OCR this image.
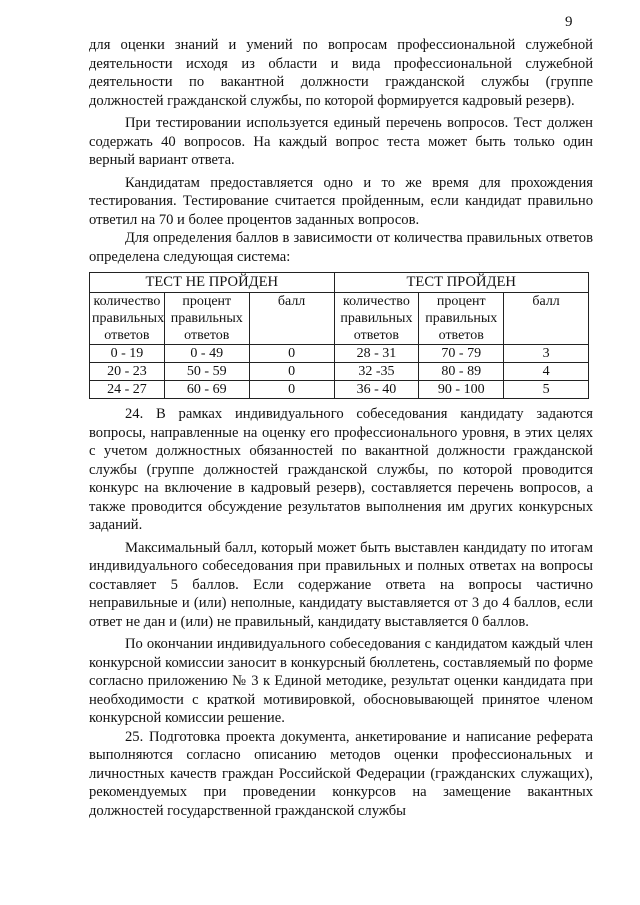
9

для оценки знаний и умений по вопросам профессиональной служебной деятельности исходя из области и вида профессиональной служебной деятельности по вакантной должности гражданской службы (группе должностей гражданской службы, по которой формируется кадровый резерв).

При тестировании используется единый перечень вопросов. Тест должен содержать 40 вопросов. На каждый вопрос теста может быть только один верный вариант ответа.

Кандидатам предоставляется одно и то же время для прохождения тестирования. Тестирование считается пройденным, если кандидат правильно ответил на 70 и более процентов заданных вопросов.

Для определения баллов в зависимости от количества правильных ответов определена следующая система:

ТЕСТ НЕ ПРОЙДЕН			ТЕСТ ПРОЙДЕН		
количество правильных ответов	процент правильных ответов	балл	количество правильных ответов	процент правильных ответов	балл
0 - 19	0 - 49	0	28 - 31	70 - 79	3
20 - 23	50 - 59	0	32 -35	80 - 89	4
24 - 27	60 - 69	0	36 - 40	90 - 100	5

24. В рамках индивидуального собеседования кандидату задаются вопросы, направленные на оценку его профессионального уровня, в этих целях с учетом должностных обязанностей по вакантной должности гражданской службы (группе должностей гражданской службы, по которой проводится конкурс на включение в кадровый резерв), составляется перечень вопросов, а также проводится обсуждение результатов выполнения им других конкурсных заданий.

Максимальный балл, который может быть выставлен кандидату по итогам индивидуального собеседования при правильных и полных ответах на вопросы составляет 5 баллов. Если содержание ответа на вопросы частично неправильные и (или) неполные, кандидату выставляется от 3 до 4 баллов, если ответ не дан и (или) не правильный, кандидату выставляется 0 баллов.

По окончании индивидуального собеседования с кандидатом каждый член конкурсной комиссии заносит в конкурсный бюллетень, составляемый по форме согласно приложению № 3 к Единой методике, результат оценки кандидата при необходимости с краткой мотивировкой, обосновывающей принятое членом конкурсной комиссии решение.

25. Подготовка проекта документа, анкетирование и написание реферата выполняются согласно описанию методов оценки профессиональных и личностных качеств граждан Российской Федерации (гражданских служащих), рекомендуемых при проведении конкурсов на замещение вакантных должностей государственной гражданской службы
